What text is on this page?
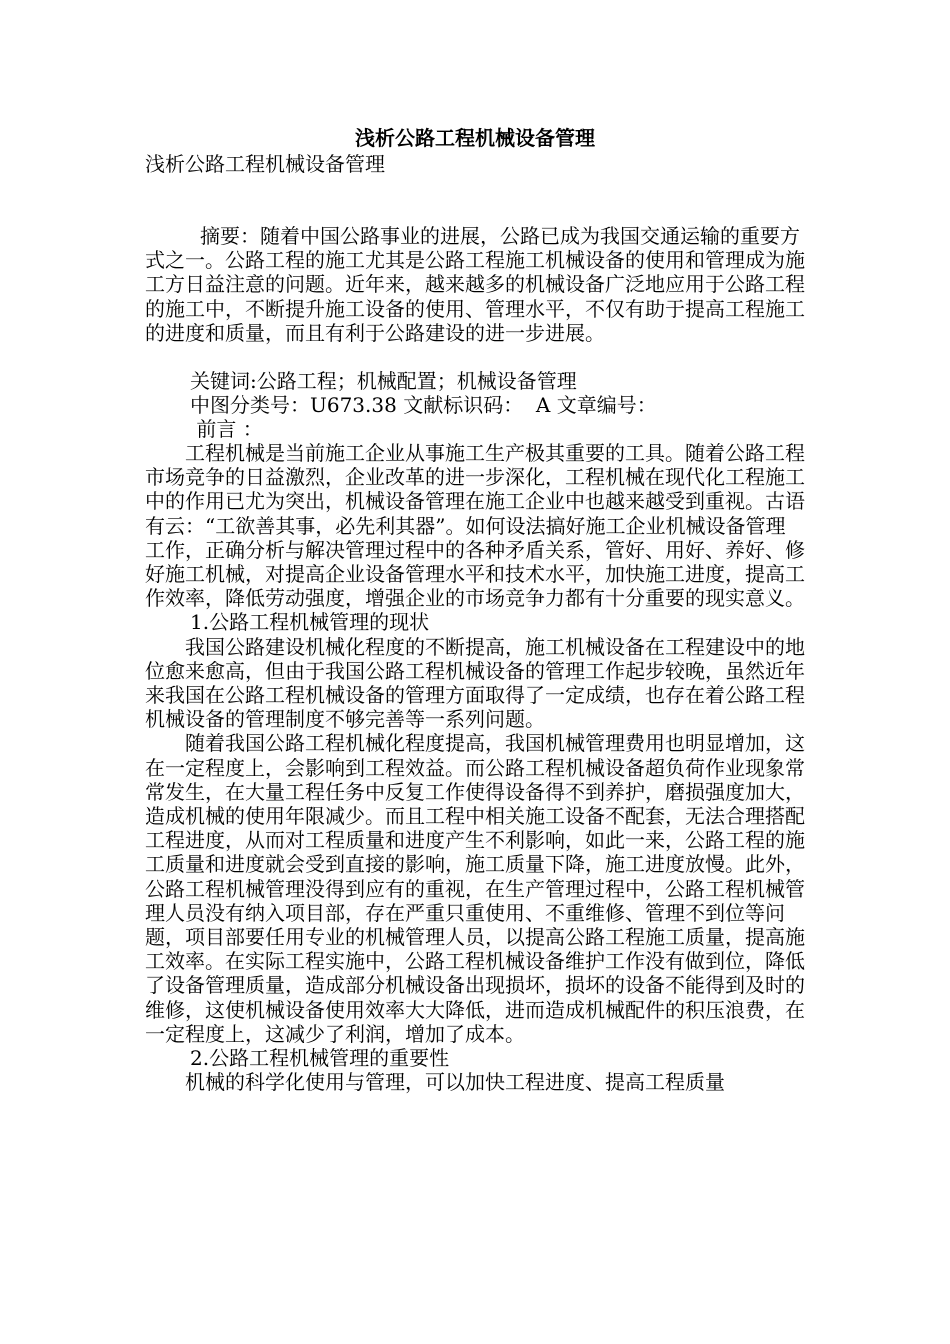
浅析公路工程机械设备管理

浅析公路工程机械设备管理

摘要：随着中国公路事业的进展，公路已成为我国交通运输的重要方式之一。公路工程的施工尤其是公路工程施工机械设备的使用和管理成为施工方日益注意的问题。近年来，越来越多的机械设备广泛地应用于公路工程的施工中，不断提升施工设备的使用、管理水平，不仅有助于提高工程施工的进度和质量，而且有利于公路建设的进一步进展。

关键词:公路工程；机械配置；机械设备管理

中图分类号：U673.38 文献标识码：  A 文章编号：

前言 ：

工程机械是当前施工企业从事施工生产极其重要的工具。随着公路工程市场竞争的日益激烈，企业改革的进一步深化，工程机械在现代化工程施工中的作用已尤为突出，机械设备管理在施工企业中也越来越受到重视。古语有云：“工欲善其事，必先利其器”。如何设法搞好施工企业机械设备管理工作，正确分析与解决管理过程中的各种矛盾关系，管好、用好、养好、修好施工机械，对提高企业设备管理水平和技术水平，加快施工进度，提高工作效率，降低劳动强度，增强企业的市场竞争力都有十分重要的现实意义。

1.公路工程机械管理的现状

我国公路建设机械化程度的不断提高，施工机械设备在工程建设中的地位愈来愈高，但由于我国公路工程机械设备的管理工作起步较晚，虽然近年来我国在公路工程机械设备的管理方面取得了一定成绩，也存在着公路工程机械设备的管理制度不够完善等一系列问题。

随着我国公路工程机械化程度提高，我国机械管理费用也明显增加，这在一定程度上，会影响到工程效益。而公路工程机械设备超负荷作业现象常常发生，在大量工程任务中反复工作使得设备得不到养护，磨损强度加大，造成机械的使用年限减少。而且工程中相关施工设备不配套，无法合理搭配工程进度，从而对工程质量和进度产生不利影响，如此一来，公路工程的施工质量和进度就会受到直接的影响，施工质量下降，施工进度放慢。此外，公路工程机械管理没得到应有的重视，在生产管理过程中，公路工程机械管理人员没有纳入项目部，存在严重只重使用、不重维修、管理不到位等问题，项目部要任用专业的机械管理人员，以提高公路工程施工质量，提高施工效率。在实际工程实施中，公路工程机械设备维护工作没有做到位，降低了设备管理质量，造成部分机械设备出现损坏，损坏的设备不能得到及时的维修，这使机械设备使用效率大大降低，进而造成机械配件的积压浪费，在一定程度上，这减少了利润，增加了成本。

2.公路工程机械管理的重要性

机械的科学化使用与管理，可以加快工程进度、提高工程质量
